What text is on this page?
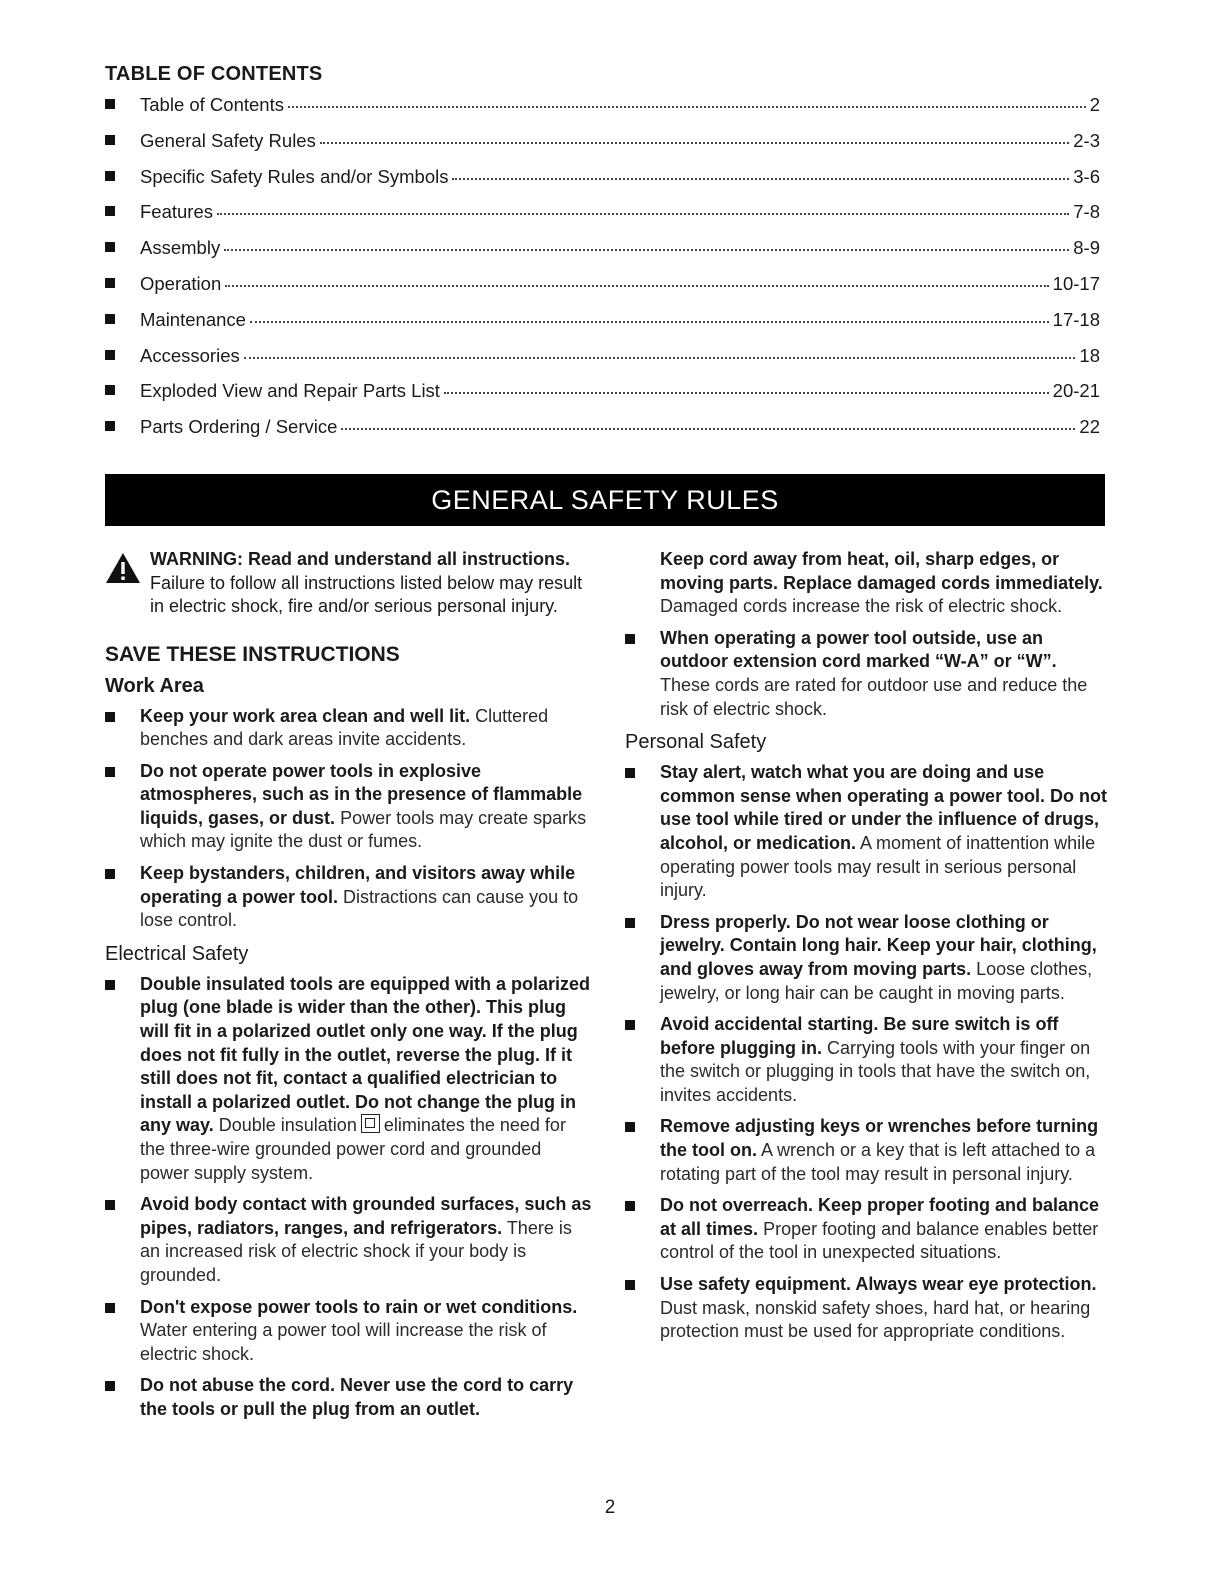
TABLE OF CONTENTS
Table of Contents	2
General Safety Rules	2-3
Specific Safety Rules and/or Symbols	3-6
Features	7-8
Assembly	8-9
Operation	10-17
Maintenance	17-18
Accessories	18
Exploded View and Repair Parts List	20-21
Parts Ordering / Service	22
GENERAL SAFETY RULES
WARNING: Read and understand all instructions. Failure to follow all instructions listed below may result in electric shock, fire and/or serious personal injury.
SAVE THESE INSTRUCTIONS
Work Area
Keep your work area clean and well lit. Cluttered benches and dark areas invite accidents.
Do not operate power tools in explosive atmospheres, such as in the presence of flammable liquids, gases, or dust. Power tools may create sparks which may ignite the dust or fumes.
Keep bystanders, children, and visitors away while operating a power tool. Distractions can cause you to lose control.
Electrical Safety
Double insulated tools are equipped with a polarized plug (one blade is wider than the other). This plug will fit in a polarized outlet only one way. If the plug does not fit fully in the outlet, reverse the plug. If it still does not fit, contact a qualified electrician to install a polarized outlet. Do not change the plug in any way. Double insulation eliminates the need for the three-wire grounded power cord and grounded power supply system.
Avoid body contact with grounded surfaces, such as pipes, radiators, ranges, and refrigerators. There is an increased risk of electric shock if your body is grounded.
Don't expose power tools to rain or wet conditions. Water entering a power tool will increase the risk of electric shock.
Do not abuse the cord. Never use the cord to carry the tools or pull the plug from an outlet.
Keep cord away from heat, oil, sharp edges, or moving parts. Replace damaged cords immediately. Damaged cords increase the risk of electric shock.
When operating a power tool outside, use an outdoor extension cord marked “W-A” or “W”. These cords are rated for outdoor use and reduce the risk of electric shock.
Personal Safety
Stay alert, watch what you are doing and use common sense when operating a power tool. Do not use tool while tired or under the influence of drugs, alcohol, or medication. A moment of inattention while operating power tools may result in serious personal injury.
Dress properly. Do not wear loose clothing or jewelry. Contain long hair. Keep your hair, clothing, and gloves away from moving parts. Loose clothes, jewelry, or long hair can be caught in moving parts.
Avoid accidental starting. Be sure switch is off before plugging in. Carrying tools with your finger on the switch or plugging in tools that have the switch on, invites accidents.
Remove adjusting keys or wrenches before turning the tool on. A wrench or a key that is left attached to a rotating part of the tool may result in personal injury.
Do not overreach. Keep proper footing and balance at all times. Proper footing and balance enables better control of the tool in unexpected situations.
Use safety equipment. Always wear eye protection. Dust mask, nonskid safety shoes, hard hat, or hearing protection must be used for appropriate conditions.
2
